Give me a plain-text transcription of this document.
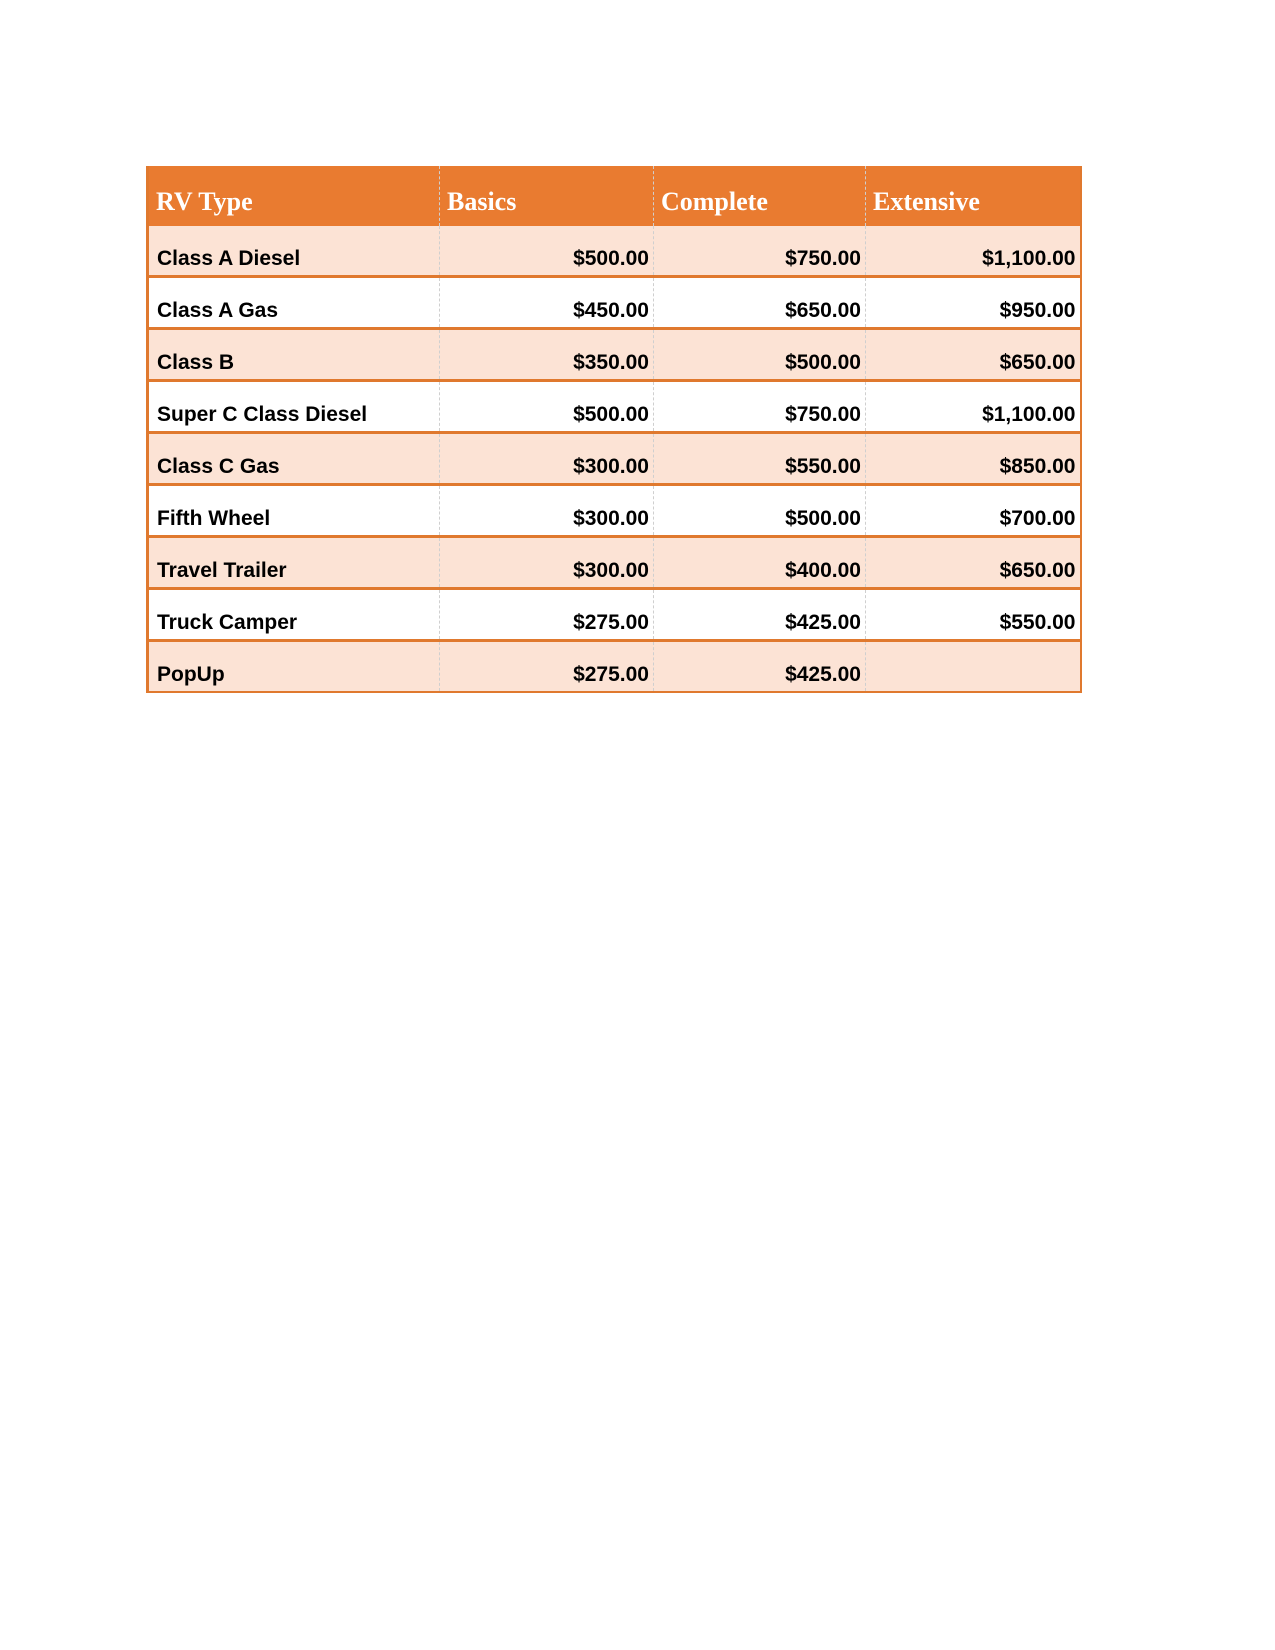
RV Type	Basics	Complete	Extensive
Class A Diesel	$500.00	$750.00	$1,100.00
Class A Gas	$450.00	$650.00	$950.00
Class B	$350.00	$500.00	$650.00
Super C Class Diesel	$500.00	$750.00	$1,100.00
Class C Gas	$300.00	$550.00	$850.00
Fifth Wheel	$300.00	$500.00	$700.00
Travel Trailer	$300.00	$400.00	$650.00
Truck Camper	$275.00	$425.00	$550.00
PopUp	$275.00	$425.00	
